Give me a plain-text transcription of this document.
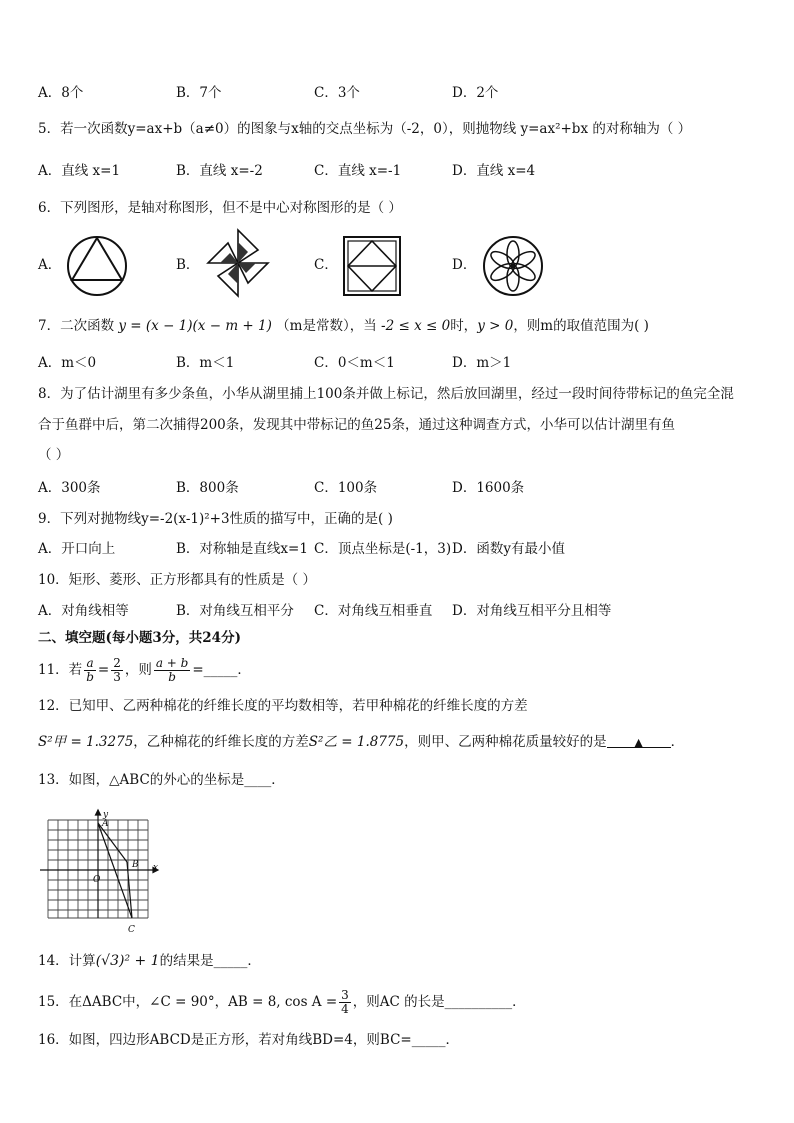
A．8个	B．7个	C．3个	D．2个
5．若一次函数y=ax+b（a≠0）的图象与x轴的交点坐标为（-2，0），则抛物线 y=ax²+bx 的对称轴为（ ）
A．直线 x=1	B．直线 x=-2	C．直线 x=-1	D．直线 x=4
6．下列图形，是轴对称图形，但不是中心对称图形的是（ ）
A．	B．	C．	D．
7．二次函数 y = (x − 1)(x − m + 1) （m是常数），当 -2 ≤ x ≤ 0时，y > 0，则m的取值范围为( )
A．m＜0	B．m＜1	C．0＜m＜1	D．m＞1
8．为了估计湖里有多少条鱼，小华从湖里捕上100条并做上标记，然后放回湖里，经过一段时间待带标记的鱼完全混
合于鱼群中后，第二次捕得200条，发现其中带标记的鱼25条，通过这种调查方式，小华可以估计湖里有鱼
（ ）
A．300条	B．800条	C．100条	D．1600条
9．下列对抛物线y=-2(x-1)²+3性质的描写中，正确的是( )
A．开口向上	B．对称轴是直线x=1 C．顶点坐标是(-1，3) D．函数y有最小值
10．矩形、菱形、正方形都具有的性质是（ ）
A．对角线相等	B．对角线互相平分 C．对角线互相垂直 D．对角线互相平分且相等
二、填空题(每小题3分，共24分)
11．若 $\frac{a}{b} = \frac{2}{3}$ ，则 $\frac{a + b}{b}$ =_____．
12．已知甲、乙两种棉花的纤维长度的平均数相等，若甲种棉花的纤维长度的方差
S²甲 = 1.3275，乙种棉花的纤维长度的方差S²乙 = 1.8775，则甲、乙两种棉花质量较好的是	▲ ．
13．如图，△ABC的外心的坐标是____．
y
A
x
B
O
C
14．计算(√3)² + 1的结果是_____．
15．在ΔABC中，∠C = 90°，AB = 8, $\cos A = \frac{3}{4}$ ，则AC 的长是__________．
16．如图，四边形ABCD是正方形，若对角线BD=4，则BC=_____．
